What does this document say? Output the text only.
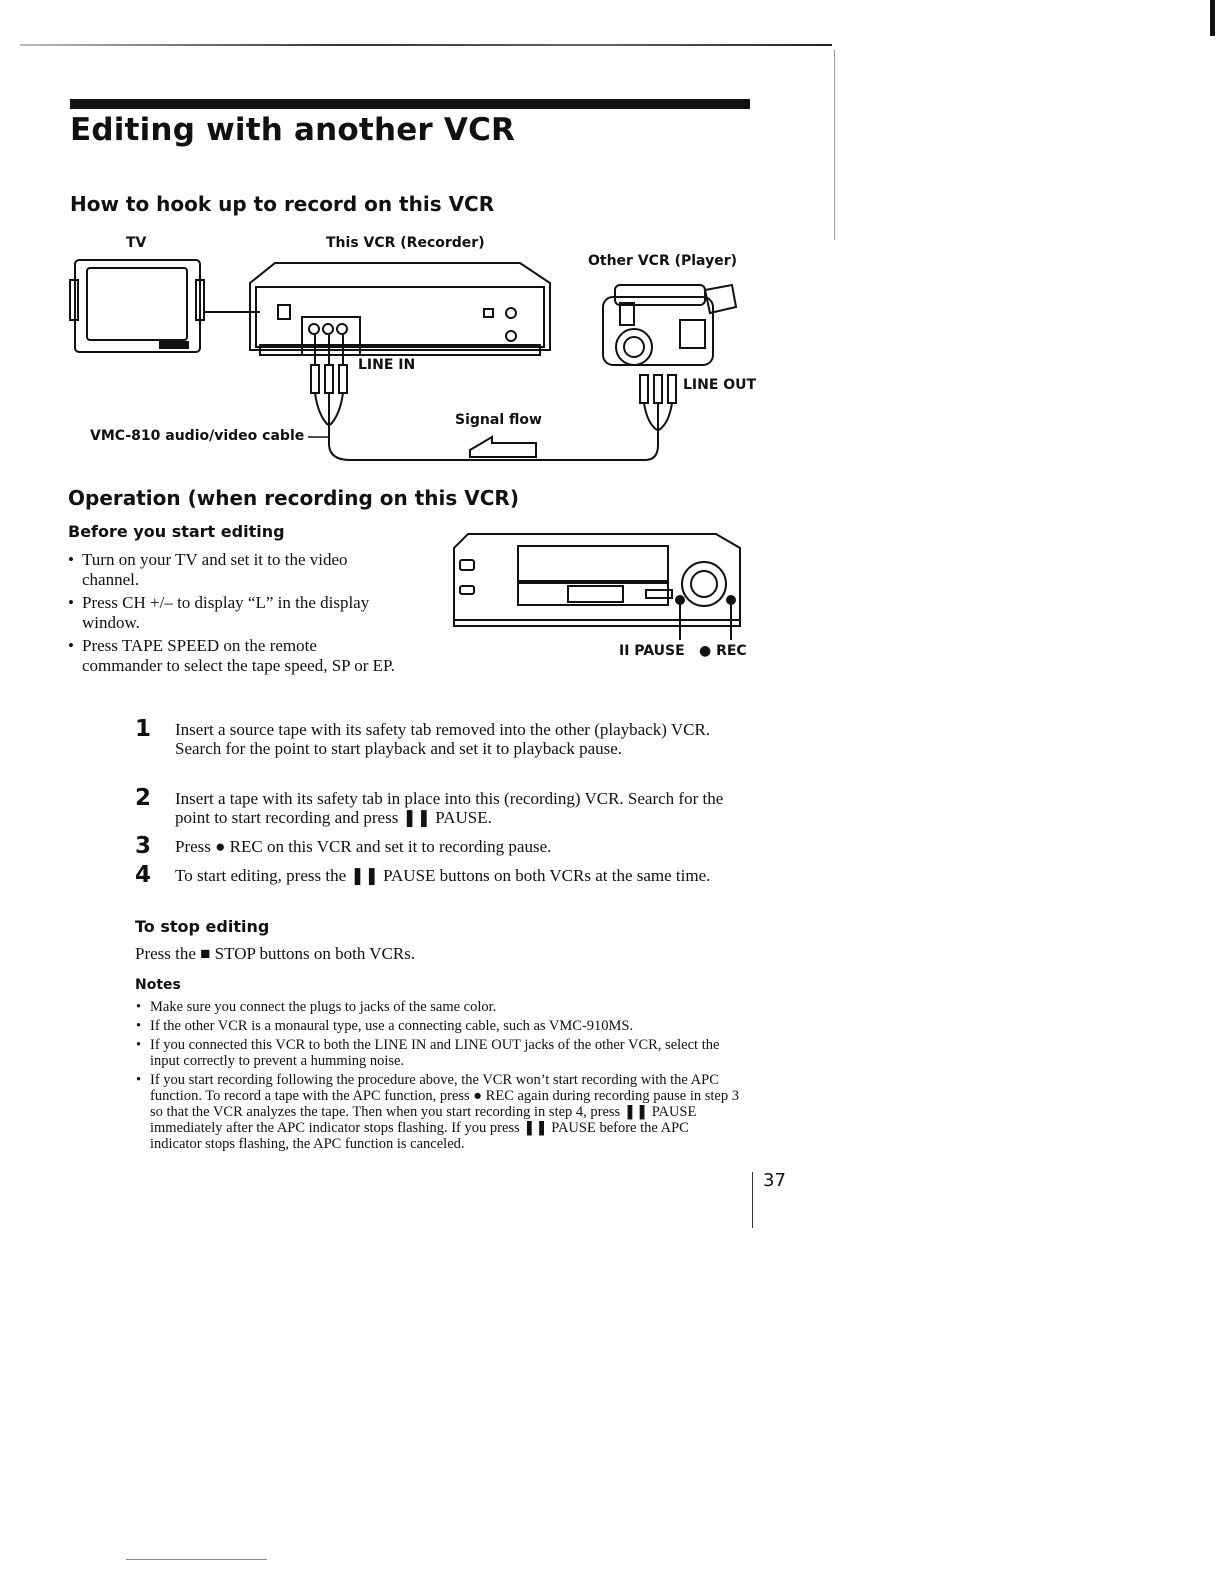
Editing with another VCR
How to hook up to record on this VCR
TV	This VCR (Recorder)
Other VCR (Player)
LINE IN
LINE OUT
Signal flow
VMC-810 audio/video cable
Operation (when recording on this VCR)
Before you start editing
• Turn on your TV and set it to the video channel.
• Press CH +/– to display “L” in the display window.
• Press TAPE SPEED on the remote commander to select the tape speed, SP or EP.
II PAUSE ● REC
1 Insert a source tape with its safety tab removed into the other (playback) VCR. Search for the point to start playback and set it to playback pause.
2 Insert a tape with its safety tab in place into this (recording) VCR. Search for the point to start recording and press ❚❚ PAUSE.
3 Press ● REC on this VCR and set it to recording pause.
4 To start editing, press the ❚❚ PAUSE buttons on both VCRs at the same time.
To stop editing
Press the ■ STOP buttons on both VCRs.
Notes
• Make sure you connect the plugs to jacks of the same color.
• If the other VCR is a monaural type, use a connecting cable, such as VMC-910MS.
• If you connected this VCR to both the LINE IN and LINE OUT jacks of the other VCR, select the input correctly to prevent a humming noise.
• If you start recording following the procedure above, the VCR won’t start recording with the APC function. To record a tape with the APC function, press ● REC again during recording pause in step 3 so that the VCR analyzes the tape. Then when you start recording in step 4, press ❚❚ PAUSE immediately after the APC indicator stops flashing. If you press ❚❚ PAUSE before the APC indicator stops flashing, the APC function is canceled.
37
